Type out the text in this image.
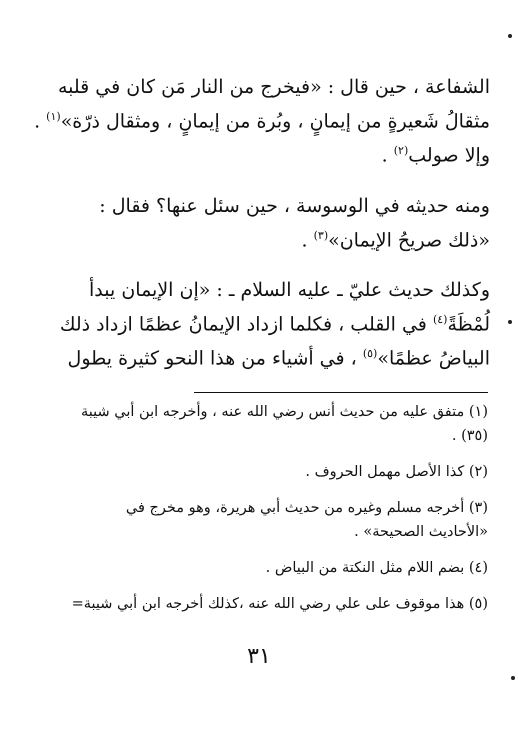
الشفاعة ، حين قال : «فيخرج من النار مَن كان في قلبه

مثقالُ شَعيرةٍ من إيمانٍ ، وبُرة من إيمانٍ ، ومثقال ذرّة»$^{(١)}$ .

وإلا صولب$^{(٢)}$ .

ومنه حديثه في الوسوسة ، حين سئل عنها؟ فقال :

«ذلك صريحُ الإيمان»$^{(٣)}$ .

وكذلك حديث عليّ ـ عليه السلام ـ : «إن الإيمان يبدأ

لُمْظَةً$^{(٤)}$ في القلب ، فكلما ازداد الإيمانُ عظمًا ازداد ذلك

البياضُ عظمًا»$^{(٥)}$ ، في أشياء من هذا النحو كثيرة يطول

(١) متفق عليه من حديث أنس رضي الله عنه ، وأخرجه ابن أبي شيبة
(٣٥) .

(٢) كذا الأصل مهمل الحروف .

(٣) أخرجه مسلم وغيره من حديث أبي هريرة، وهو مخرج في
«الأحاديث الصحيحة» .

(٤) بضم اللام مثل النكتة من البياض .

(٥) هذا موقوف على علي رضي الله عنه ،كذلك أخرجه ابن أبي شيبة=

٣١
